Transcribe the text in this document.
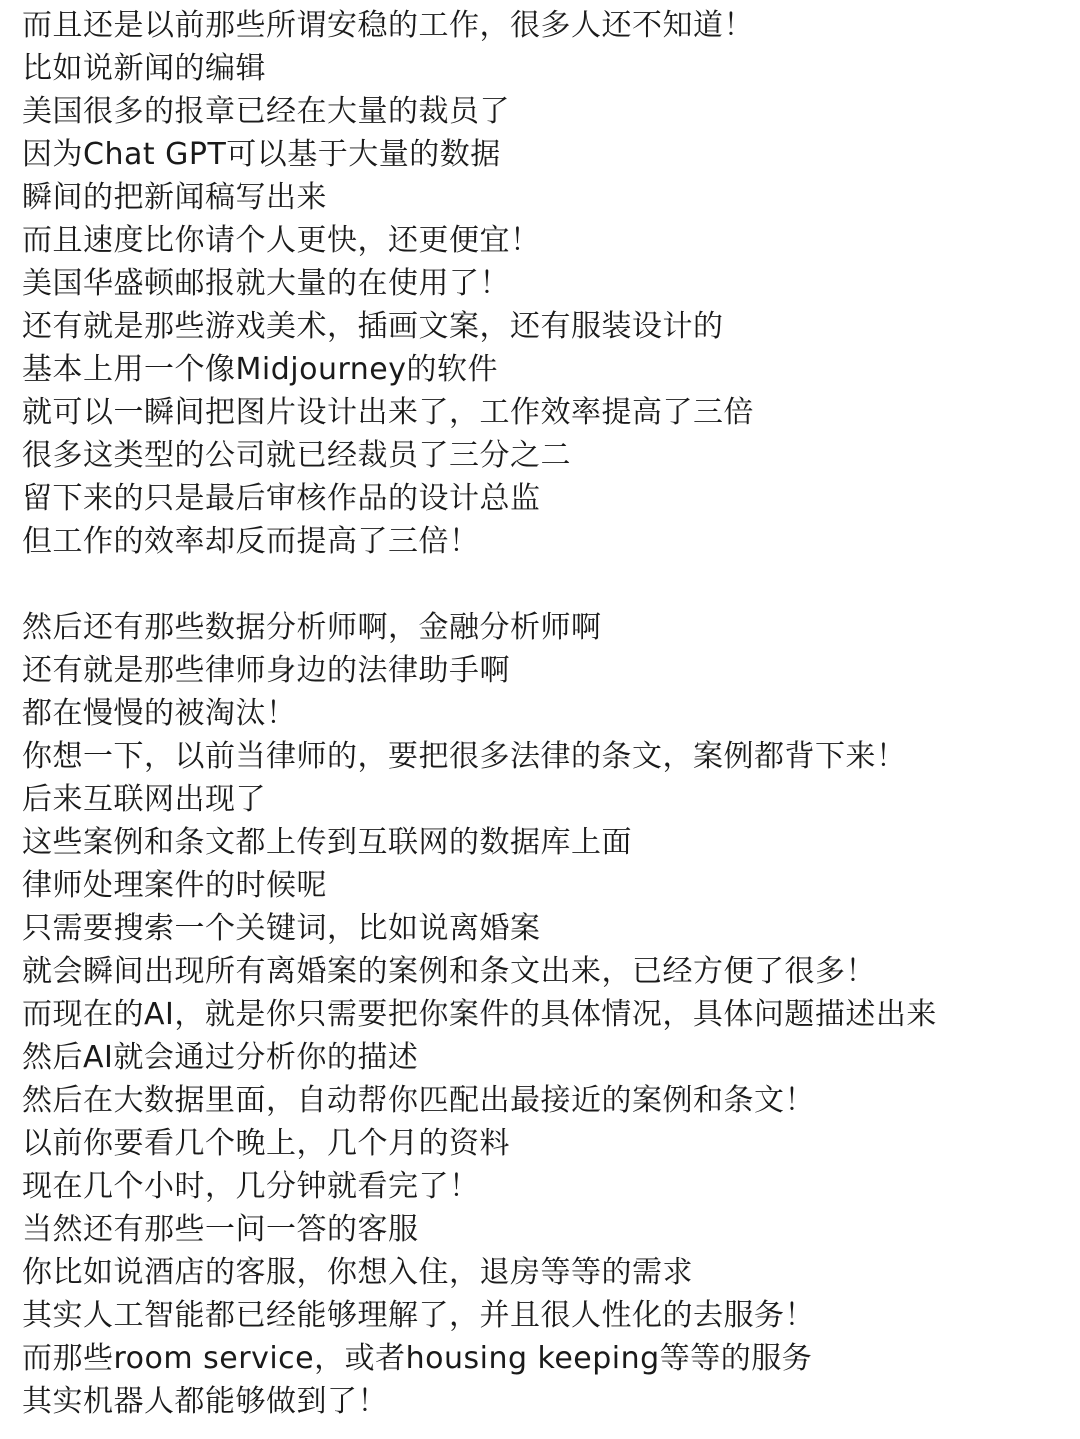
而且还是以前那些所谓安稳的工作，很多人还不知道！
比如说新闻的编辑
美国很多的报章已经在大量的裁员了
因为Chat GPT可以基于大量的数据
瞬间的把新闻稿写出来
而且速度比你请个人更快，还更便宜！
美国华盛顿邮报就大量的在使用了！
还有就是那些游戏美术，插画文案，还有服装设计的
基本上用一个像Midjourney的软件
就可以一瞬间把图片设计出来了，工作效率提高了三倍
很多这类型的公司就已经裁员了三分之二
留下来的只是最后审核作品的设计总监
但工作的效率却反而提高了三倍！
然后还有那些数据分析师啊，金融分析师啊
还有就是那些律师身边的法律助手啊
都在慢慢的被淘汰！
你想一下，以前当律师的，要把很多法律的条文，案例都背下来！
后来互联网出现了
这些案例和条文都上传到互联网的数据库上面
律师处理案件的时候呢
只需要搜索一个关键词，比如说离婚案
就会瞬间出现所有离婚案的案例和条文出来，已经方便了很多！
而现在的AI，就是你只需要把你案件的具体情况，具体问题描述出来
然后AI就会通过分析你的描述
然后在大数据里面，自动帮你匹配出最接近的案例和条文！
以前你要看几个晚上，几个月的资料
现在几个小时，几分钟就看完了！
当然还有那些一问一答的客服
你比如说酒店的客服，你想入住，退房等等的需求
其实人工智能都已经能够理解了，并且很人性化的去服务！
而那些room service，或者housing keeping等等的服务
其实机器人都能够做到了！
